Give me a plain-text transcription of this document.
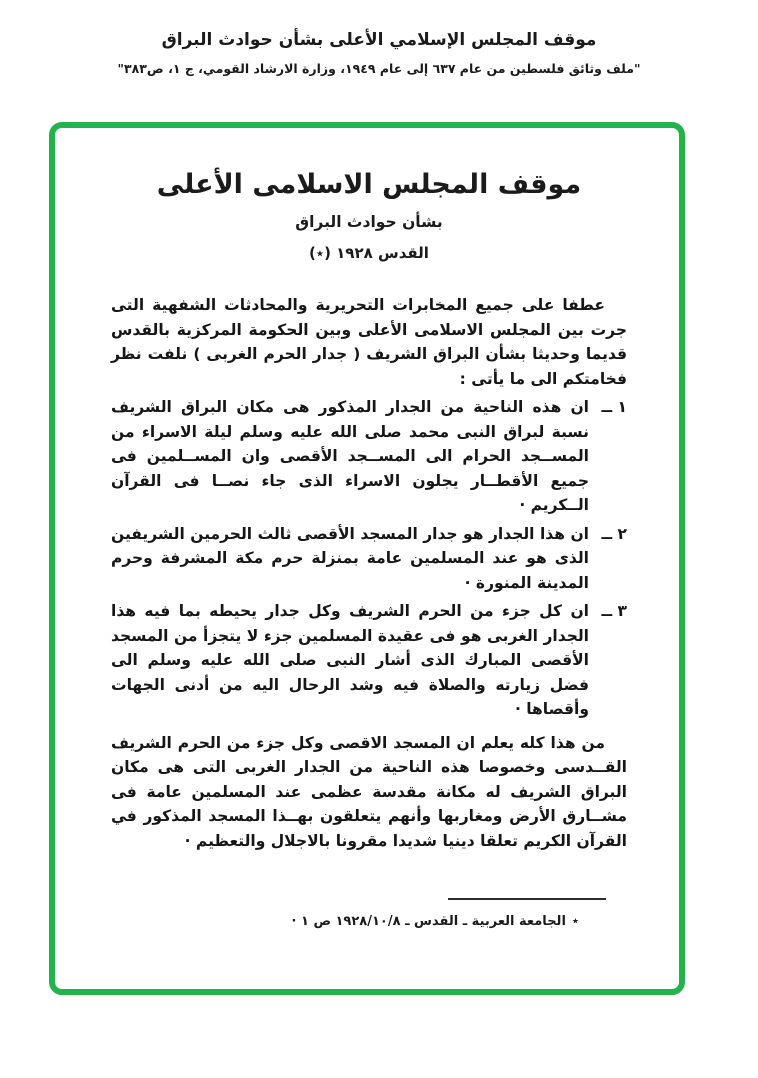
موقف المجلس الإسلامي الأعلى بشأن حوادث البراق
"ملف وثائق فلسطين من عام ٦٣٧ إلى عام ١٩٤٩، وزارة الارشاد القومي، ج ١، ص٣٨٣"
موقف المجلس الاسلامى الأعلى
بشأن حوادث البراق
القدس ١٩٢٨ (٭)

عطفا على جميع المخابرات التحريرية والمحادثات الشفهية التى جرت بين المجلس الاسلامى الأعلى وبين الحكومة المركزية بالقدس قديما وحديثا بشأن البراق الشريف ( جدار الحرم الغربى ) نلفت نظر فخامتكم الى ما يأتى :

١ ــ
ان هذه الناحية من الجدار المذكور هى مكان البراق الشريف نسبة لبراق النبى محمد صلى الله عليه وسلم ليلة الاسراء من المســجد الحرام الى المســجد الأقصى وان المســلمين فى جميع الأقطــار يجلون الاسراء الذى جاء نصــا فى القرآن الــكريم ·
٢ ــ
ان هذا الجدار هو جدار المسجد الأقصى ثالث الحرمين الشريفين الذى هو عند المسلمين عامة بمنزلة حرم مكة المشرفة وحرم المدينة المنورة ·
٣ ــ
ان كل جزء من الحرم الشريف وكل جدار يحيطه بما فيه هذا الجدار الغربى هو فى عقيدة المسلمين جزء لا يتجزأ من المسجد الأقصى المبارك الذى أشار النبى صلى الله عليه وسلم الى فضل زيارته والصلاة فيه وشد الرحال اليه من أدنى الجهات وأقصاها ·

من هذا كله يعلم ان المسجد الاقصى وكل جزء من الحرم الشريف القــدسى وخصوصا هذه الناحية من الجدار الغربى التى هى مكان البراق الشريف له مكانة مقدسة عظمى عند المسلمين عامة فى مشــارق الأرض ومغاربها وأنهم يتعلقون بهــذا المسجد المذكور في القرآن الكريم تعلقا دينيا شديدا مقرونا بالاجلال والتعظيم ·

٭
الجامعة العربية ـ القدس ـ ١٩٢٨/١٠/٨ ص ١ ·
